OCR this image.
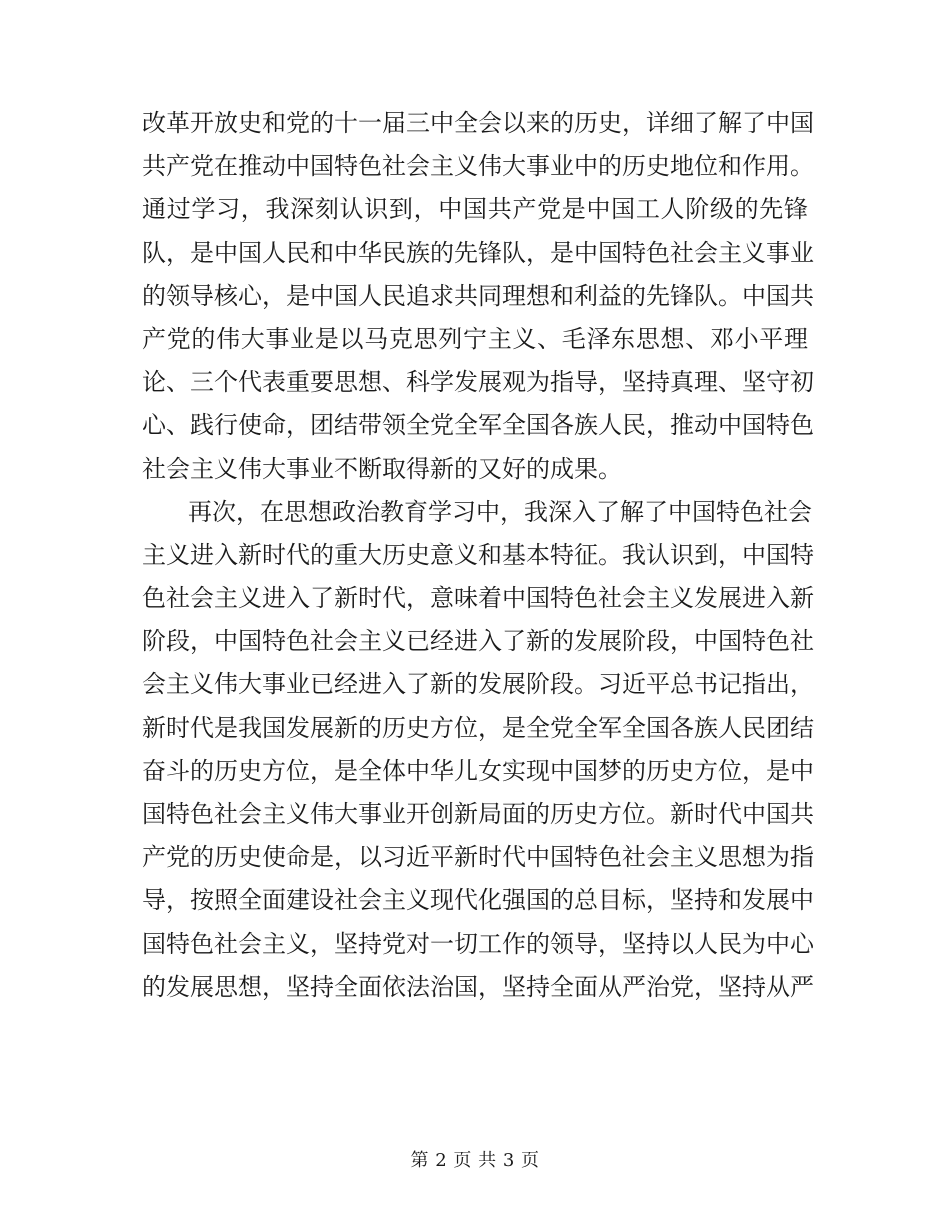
改革开放史和党的十一届三中全会以来的历史，详细了解了中国
共产党在推动中国特色社会主义伟大事业中的历史地位和作用。
通过学习，我深刻认识到，中国共产党是中国工人阶级的先锋
队，是中国人民和中华民族的先锋队，是中国特色社会主义事业
的领导核心，是中国人民追求共同理想和利益的先锋队。中国共
产党的伟大事业是以马克思列宁主义、毛泽东思想、邓小平理
论、三个代表重要思想、科学发展观为指导，坚持真理、坚守初
心、践行使命，团结带领全党全军全国各族人民，推动中国特色
社会主义伟大事业不断取得新的又好的成果。
再次，在思想政治教育学习中，我深入了解了中国特色社会
主义进入新时代的重大历史意义和基本特征。我认识到，中国特
色社会主义进入了新时代，意味着中国特色社会主义发展进入新
阶段，中国特色社会主义已经进入了新的发展阶段，中国特色社
会主义伟大事业已经进入了新的发展阶段。习近平总书记指出，
新时代是我国发展新的历史方位，是全党全军全国各族人民团结
奋斗的历史方位，是全体中华儿女实现中国梦的历史方位，是中
国特色社会主义伟大事业开创新局面的历史方位。新时代中国共
产党的历史使命是，以习近平新时代中国特色社会主义思想为指
导，按照全面建设社会主义现代化强国的总目标，坚持和发展中
国特色社会主义，坚持党对一切工作的领导，坚持以人民为中心
的发展思想，坚持全面依法治国，坚持全面从严治党，坚持从严
第 2 页 共 3 页
